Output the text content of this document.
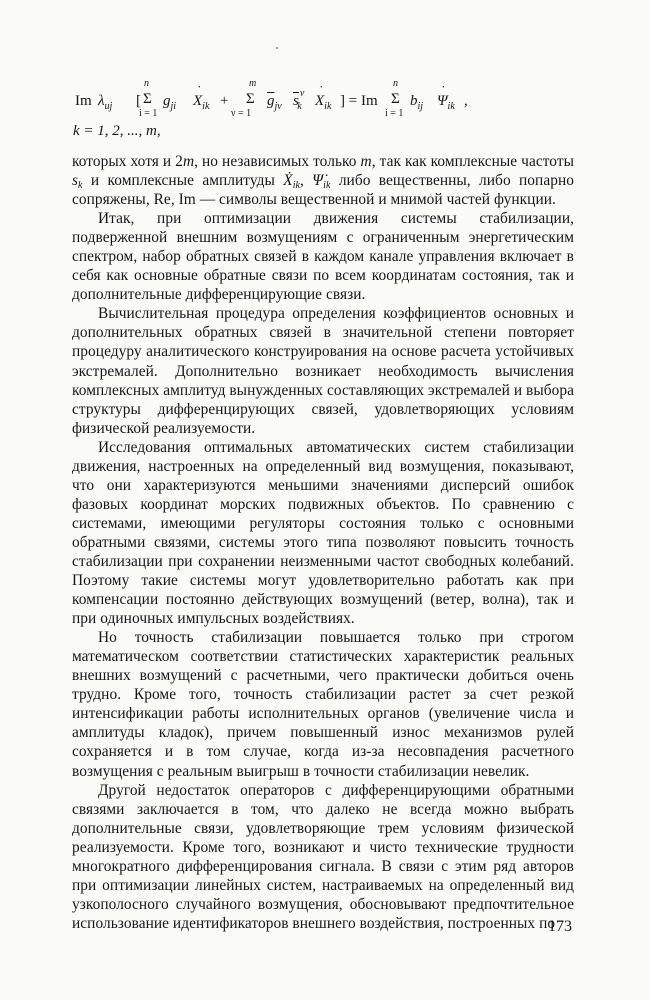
Im $\lambda_{uj}$ [
n
Σ
i = 1
$g_{ji}$ ˙ $X_{ik}$ +
m
Σ
ν = 1
$\overline{g}_{j\nu}$ $\overline{s}^\nu_k$ ˙ $X_{ik}$ ] = Im
n
Σ
i = 1
$b_{ij}$ ˙ $\Psi_{ik}$ ,
k = 1, 2, ..., m,

которых хотя и 2m, но независимых только m, так как комплексные частоты $s_k$ и комплексные амплитуды Ẋ$_{ik}$, $\Psi̇_{ik}$ либо вещественны, либо попарно сопряжены, Re, Im — символы вещественной и мнимой частей функции.

Итак, при оптимизации движения системы стабилизации, подверженной внешним возмущениям с ограниченным энергетическим спектром, набор обратных связей в каждом канале управления включает в себя как основные обратные связи по всем координатам состояния, так и дополнительные дифференцирующие связи.

Вычислительная процедура определения коэффициентов основных и дополнительных обратных связей в значительной степени повторяет процедуру аналитического конструирования на основе расчета устойчивых экстремалей. Дополнительно возникает необходимость вычисления комплексных амплитуд вынужденных составляющих экстремалей и выбора структуры дифференцирующих связей, удовлетворяющих условиям физической реализуемости.

Исследования оптимальных автоматических систем стабилизации движения, настроенных на определенный вид возмущения, показывают, что они характеризуются меньшими значениями дисперсий ошибок фазовых координат морских подвижных объектов. По сравнению с системами, имеющими регуляторы состояния только с основными обратными связями, системы этого типа позволяют повысить точность стабилизации при сохранении неизменными частот свободных колебаний. Поэтому такие системы могут удовлетворительно работать как при компенсации постоянно действующих возмущений (ветер, волна), так и при одиночных импульсных воздействиях.

Но точность стабилизации повышается только при строгом математическом соответствии статистических характеристик реальных внешних возмущений с расчетными, чего практически добиться очень трудно. Кроме того, точность стабилизации растет за счет резкой интенсификации работы исполнительных органов (увеличение числа и амплитуды кладок), причем повышенный износ механизмов рулей сохраняется и в том случае, когда из-за несовпадения расчетного возмущения с реальным выигрыш в точности стабилизации невелик.

Другой недостаток операторов с дифференцирующими обратными связями заключается в том, что далеко не всегда можно выбрать дополнительные связи, удовлетворяющие трем условиям физической реализуемости. Кроме того, возникают и чисто технические трудности многократного дифференцирования сигнала. В связи с этим ряд авторов при оптимизации линейных систем, настраиваемых на определенный вид узкополосного случайного возмущения, обосновывают предпочтительное использование идентификаторов внешнего воздействия, построенных по

173
